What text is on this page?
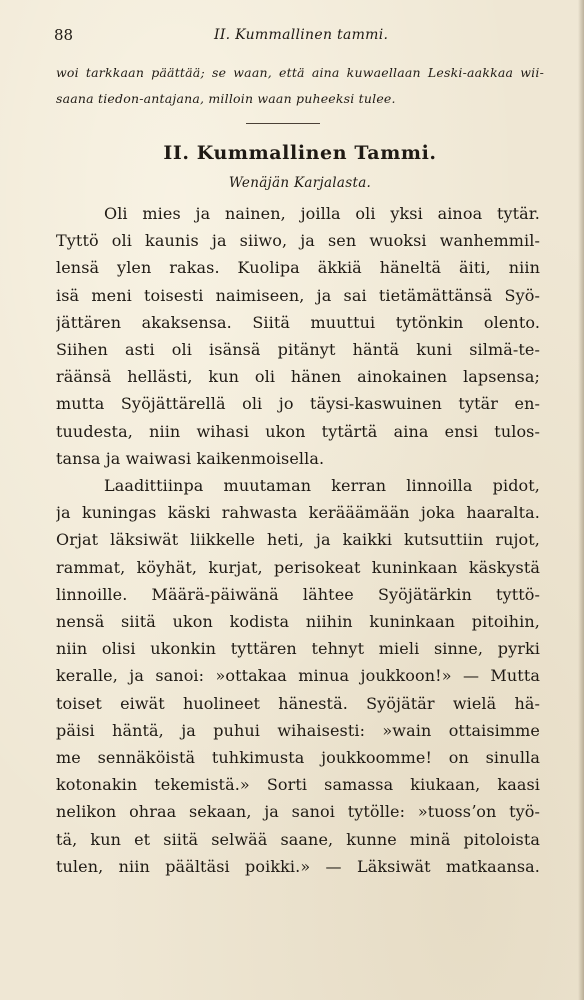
88	II. Kummallinen tammi.
woi tarkkaan päättää; se waan, että aina kuwaellaan Leski-aakkaa wii-
saana tiedon-antajana, milloin waan puheeksi tulee.
II. Kummallinen Tammi.
Wenäjän Karjalasta.
Oli mies ja nainen, joilla oli yksi ainoa tytär.
Tyttö oli kaunis ja siiwo, ja sen wuoksi wanhemmil-
lensä ylen rakas. Kuolipa äkkiä häneltä äiti, niin
isä meni toisesti naimiseen, ja sai tietämättänsä Syö-
jättären akaksensa. Siitä muuttui tytönkin olento.
Siihen asti oli isänsä pitänyt häntä kuni silmä-te-
räänsä hellästi, kun oli hänen ainokainen lapsensa;
mutta Syöjättärellä oli jo täysi-kaswuinen tytär en-
tuudesta, niin wihasi ukon tytärtä aina ensi tulos-
tansa ja waiwasi kaikenmoisella.
Laadittiinpa muutaman kerran linnoilla pidot,
ja kuningas käski rahwasta kerääämään joka haaralta.
Orjat läksiwät liikkelle heti, ja kaikki kutsuttiin rujot,
rammat, köyhät, kurjat, perisokeat kuninkaan käskystä
linnoille. Määrä-päiwänä lähtee Syöjätärkin tyttö-
nensä siitä ukon kodista niihin kuninkaan pitoihin,
niin olisi ukonkin tyttären tehnyt mieli sinne, pyrki
keralle, ja sanoi: »ottakaa minua joukkoon!» — Mutta
toiset eiwät huolineet hänestä. Syöjätär wielä hä-
päisi häntä, ja puhui wihaisesti: »wain ottaisimme
me sennäköistä tuhkimusta joukkoomme! on sinulla
kotonakin tekemistä.» Sorti samassa kiukaan, kaasi
nelikon ohraa sekaan, ja sanoi tytölle: »tuossʼon työ-
tä, kun et siitä selwää saane, kunne minä pitoloista
tulen, niin päältäsi poikki.» — Läksiwät matkaansa.
